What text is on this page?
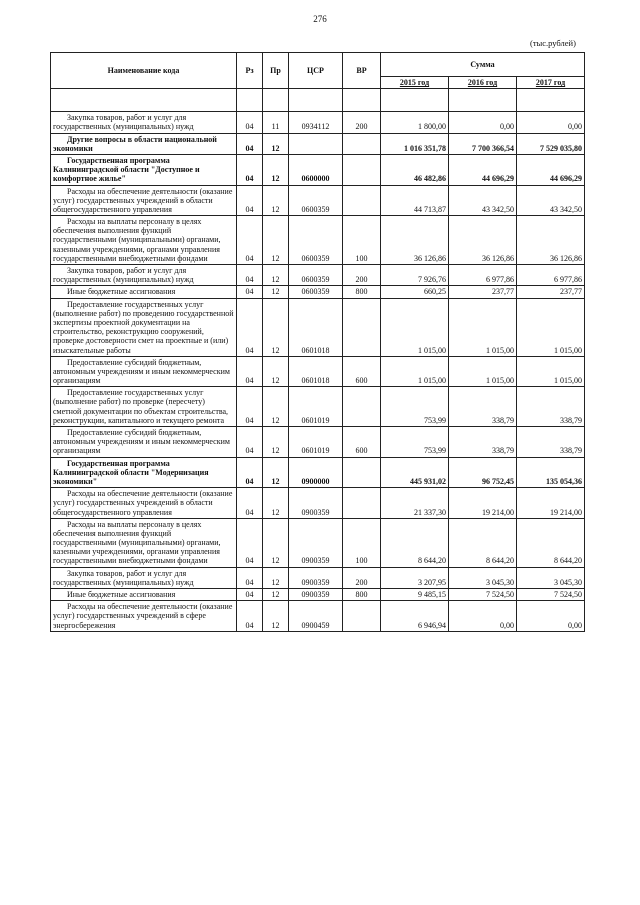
276
(тыс.рублей)
Наименование кода	Рз	Пр	ЦСР	ВР	Сумма		

					2015 год	2016 год	2017 год

Закупка товаров, работ и услуг для государственных (муниципальных) нужд	04	11	0934112	200	1 800,00	0,00	0,00

Другие вопросы в области национальной экономики	04	12			1 016 351,78	7 700 366,54	7 529 035,80

Государственная программа Калининградской области "Доступное и комфортное жилье"	04	12	0600000		46 482,86	44 696,29	44 696,29

Расходы на обеспечение деятельности (оказание услуг) государственных учреждений в области общегосударственного управления	04	12	0600359		44 713,87	43 342,50	43 342,50

Расходы на выплаты персоналу в целях обеспечения выполнения функций государственными (муниципальными) органами, казенными учреждениями, органами управления государственными внебюджетными фондами	04	12	0600359	100	36 126,86	36 126,86	36 126,86

Закупка товаров, работ и услуг для государственных (муниципальных) нужд	04	12	0600359	200	7 926,76	6 977,86	6 977,86

Иные бюджетные ассигнования	04	12	0600359	800	660,25	237,77	237,77

Предоставление государственных услуг (выполнение работ) по проведению государственной экспертизы проектной документации на строительство, реконструкцию сооружений, проверке достоверности смет на проектные и (или) изыскательные работы	04	12	0601018		1 015,00	1 015,00	1 015,00

Предоставление субсидий бюджетным, автономным учреждениям и иным некоммерческим организациям	04	12	0601018	600	1 015,00	1 015,00	1 015,00

Предоставление государственных услуг (выполнение работ) по проверке (пересчету) сметной документации по объектам строительства, реконструкции, капитального и текущего ремонта	04	12	0601019		753,99	338,79	338,79

Предоставление субсидий бюджетным, автономным учреждениям и иным некоммерческим организациям	04	12	0601019	600	753,99	338,79	338,79

Государственная программа Калининградской области "Модернизация экономики"	04	12	0900000		445 931,02	96 752,45	135 054,36

Расходы на обеспечение деятельности (оказание услуг) государственных учреждений в области общегосударственного управления	04	12	0900359		21 337,30	19 214,00	19 214,00

Расходы на выплаты персоналу в целях обеспечения выполнения функций государственными (муниципальными) органами, казенными учреждениями, органами управления государственными внебюджетными фондами	04	12	0900359	100	8 644,20	8 644,20	8 644,20

Закупка товаров, работ и услуг для государственных (муниципальных) нужд	04	12	0900359	200	3 207,95	3 045,30	3 045,30

Иные бюджетные ассигнования	04	12	0900359	800	9 485,15	7 524,50	7 524,50

Расходы на обеспечение деятельности (оказание услуг) государственных учреждений в сфере энергосбережения	04	12	0900459		6 946,94	0,00	0,00
